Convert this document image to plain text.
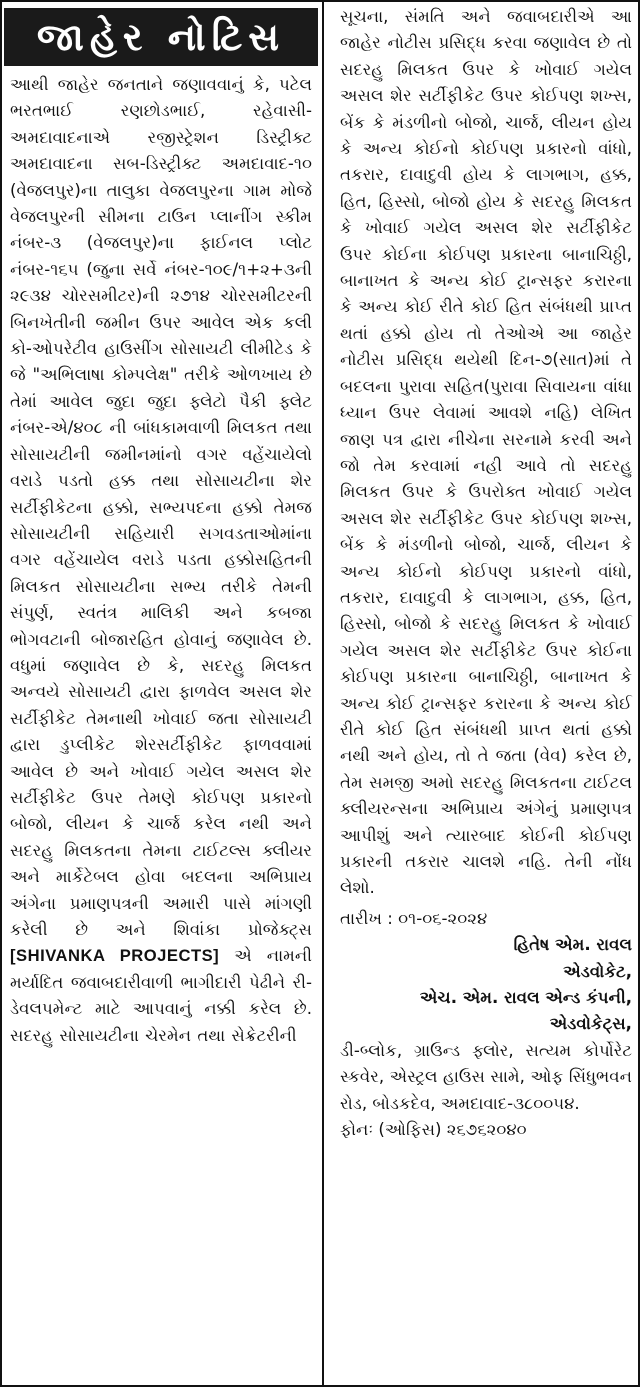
જાહેર નોટિસ
આથી જાહેર જનતાને જણાવવાનું કે, પટેલ ભરતભાઈ રણછોડભાઈ, રહેવાસી-અમદાવાદનાએ રજીસ્ટ્રેશન ડિસ્ટ્રીક્ટ અમદાવાદના સબ-ડિસ્ટ્રીક્ટ અમદાવાદ-૧૦ (વેજલપુર)ના તાલુકા વેજલપુરના ગામ મોજે વેજલપુરની સીમના ટાઉન પ્લાનીંગ સ્કીમ નંબર-૩ (વેજલપુર)ના ફાઈનલ પ્લોટ નંબર-૧૬૫ (જુના સર્વે નંબર-૧૦૯/૧+૨+૩ની ૨૯૩૪ ચોરસમીટર)ની ૨૭૧૪ ચોરસમીટરની બિનખેતીની જમીન ઉપર આવેલ એક કલી કો-ઓપરેટીવ હાઉસીંગ સોસાયટી લીમીટેડ કે જે "અભિલાષા કોમ્પલેક્ષ" તરીકે ઓળખાય છે તેમાં આવેલ જુદા જુદા ફ્લેટો પૈકી ફ્લેટ નંબર-એ/૪૦૮ ની બાંધકામવાળી મિલકત તથા સોસાયટીની જમીનમાંનો વગર વહેંચાયેલો વરાડે પડતો હક્ક તથા સોસાયટીના શેર સર્ટીફીકેટના હક્કો, સભ્યપદના હક્કો તેમજ સોસાયટીની સહિયારી સગવડતાઓમાંના વગર વહેંચાયેલ વરાડે પડતા હક્કોસહિતની મિલકત સોસાયટીના સભ્ય તરીકે તેમની સંપુર્ણ, સ્વતંત્ર માલિકી અને કબજા ભોગવટાની બોજારહિત હોવાનું જણાવેલ છે. વધુમાં જણાવેલ છે કે, સદરહુ મિલકત અન્વયે સોસાયટી દ્વારા ફાળવેલ અસલ શેર સર્ટીફીકેટ તેમનાથી ખોવાઈ જતા સોસાયટી દ્વારા ડુપ્લીકેટ શેરસર્ટીફીકેટ ફાળવવામાં આવેલ છે અને ખોવાઈ ગયેલ અસલ શેર સર્ટીફીકેટ ઉપર તેમણે કોઈપણ પ્રકારનો બોજો, લીયન કે ચાર્જ કરેલ નથી અને સદરહુ મિલકતના તેમના ટાઈટલ્સ ક્લીયર અને માર્કેટેબલ હોવા બદલના અભિપ્રાય અંગેના પ્રમાણપત્રની અમારી પાસે માંગણી કરેલી છે અને શિવાંકા પ્રોજેક્ટ્સ [SHIVANKA PROJECTS] એ નામની મર્યાદિત જવાબદારીવાળી ભાગીદારી પેઢીને રી-ડેવલપમેન્ટ માટે આપવાનું નક્કી કરેલ છે. સદરહુ સોસાયટીના ચેરમેન તથા સેક્રેટરીની
સૂચના, સંમતિ અને જવાબદારીએ આ જાહેર નોટીસ પ્રસિદ્ધ કરવા જણાવેલ છે તો સદરહુ મિલકત ઉપર કે ખોવાઈ ગયેલ અસલ શેર સર્ટીફીકેટ ઉપર કોઈપણ શખ્સ, બેંક કે મંડળીનો બોજો, ચાર્જ, લીયન હોય કે અન્ય કોઈનો કોઈપણ પ્રકારનો વાંધો, તકરાર, દાવાદુવી હોય કે લાગભાગ, હક્ક, હિત, હિસ્સો, બોજો હોય કે સદરહુ મિલકત કે ખોવાઈ ગયેલ અસલ શેર સર્ટીફીકેટ ઉપર કોઈના કોઈપણ પ્રકારના બાનાચિઠ્ઠી, બાનાખત કે અન્ય કોઈ ટ્રાન્સફર કરારના કે અન્ય કોઈ રીતે કોઈ હિત સંબંધથી પ્રાપ્ત થતાં હક્કો હોય તો તેઓએ આ જાહેર નોટીસ પ્રસિદ્ધ થયેથી દિન-૭(સાત)માં તે બદલના પુરાવા સહિત(પુરાવા સિવાયના વાંધા ધ્યાન ઉપર લેવામાં આવશે નહિ) લેખિત જાણ પત્ર દ્વારા નીચેના સરનામે કરવી અને જો તેમ કરવામાં નહી આવે તો સદરહુ મિલકત ઉપર કે ઉપરોક્ત ખોવાઈ ગયેલ અસલ શેર સર્ટીફીકેટ ઉપર કોઈપણ શખ્સ, બેંક કે મંડળીનો બોજો, ચાર્જ, લીયન કે અન્ય કોઈનો કોઈપણ પ્રકારનો વાંધો, તકરાર, દાવાદુવી કે લાગભાગ, હક્ક, હિત, હિસ્સો, બોજો કે સદરહુ મિલકત કે ખોવાઈ ગયેલ અસલ શેર સર્ટીફીકેટ ઉપર કોઈના કોઈપણ પ્રકારના બાનાચિઠ્ઠી, બાનાખત કે અન્ય કોઈ ટ્રાન્સફર કરારના કે અન્ય કોઈ રીતે કોઈ હિત સંબંધથી પ્રાપ્ત થતાં હક્કો નથી અને હોય, તો તે જતા (વેવ) કરેલ છે, તેમ સમજી અમો સદરહુ મિલકતના ટાઈટલ ક્લીયરન્સના અભિપ્રાય અંગેનું પ્રમાણપત્ર આપીશું અને ત્યારબાદ કોઈની કોઈપણ પ્રકારની તકરાર ચાલશે નહિ. તેની નોંધ લેશો.
તારીખ : ૦૧-૦૬-૨૦૨૪
હિતેષ એમ. રાવલ
એડવોકેટ,
એચ. એમ. રાવલ એન્ડ કંપની,
એડવોકેટ્સ,
ડી-બ્લોક, ગ્રાઉન્ડ ફ્લોર, સત્યમ કોર્પોરેટ સ્કવેર, એસ્ટ્રલ હાઉસ સામે, ઓફ સિંધુભવન રોડ, બોડકદેવ, અમદાવાદ-૩૮૦૦૫૪.
ફોનઃ (ઓફિસ) ૨૬૭૬૨૦૪૦
